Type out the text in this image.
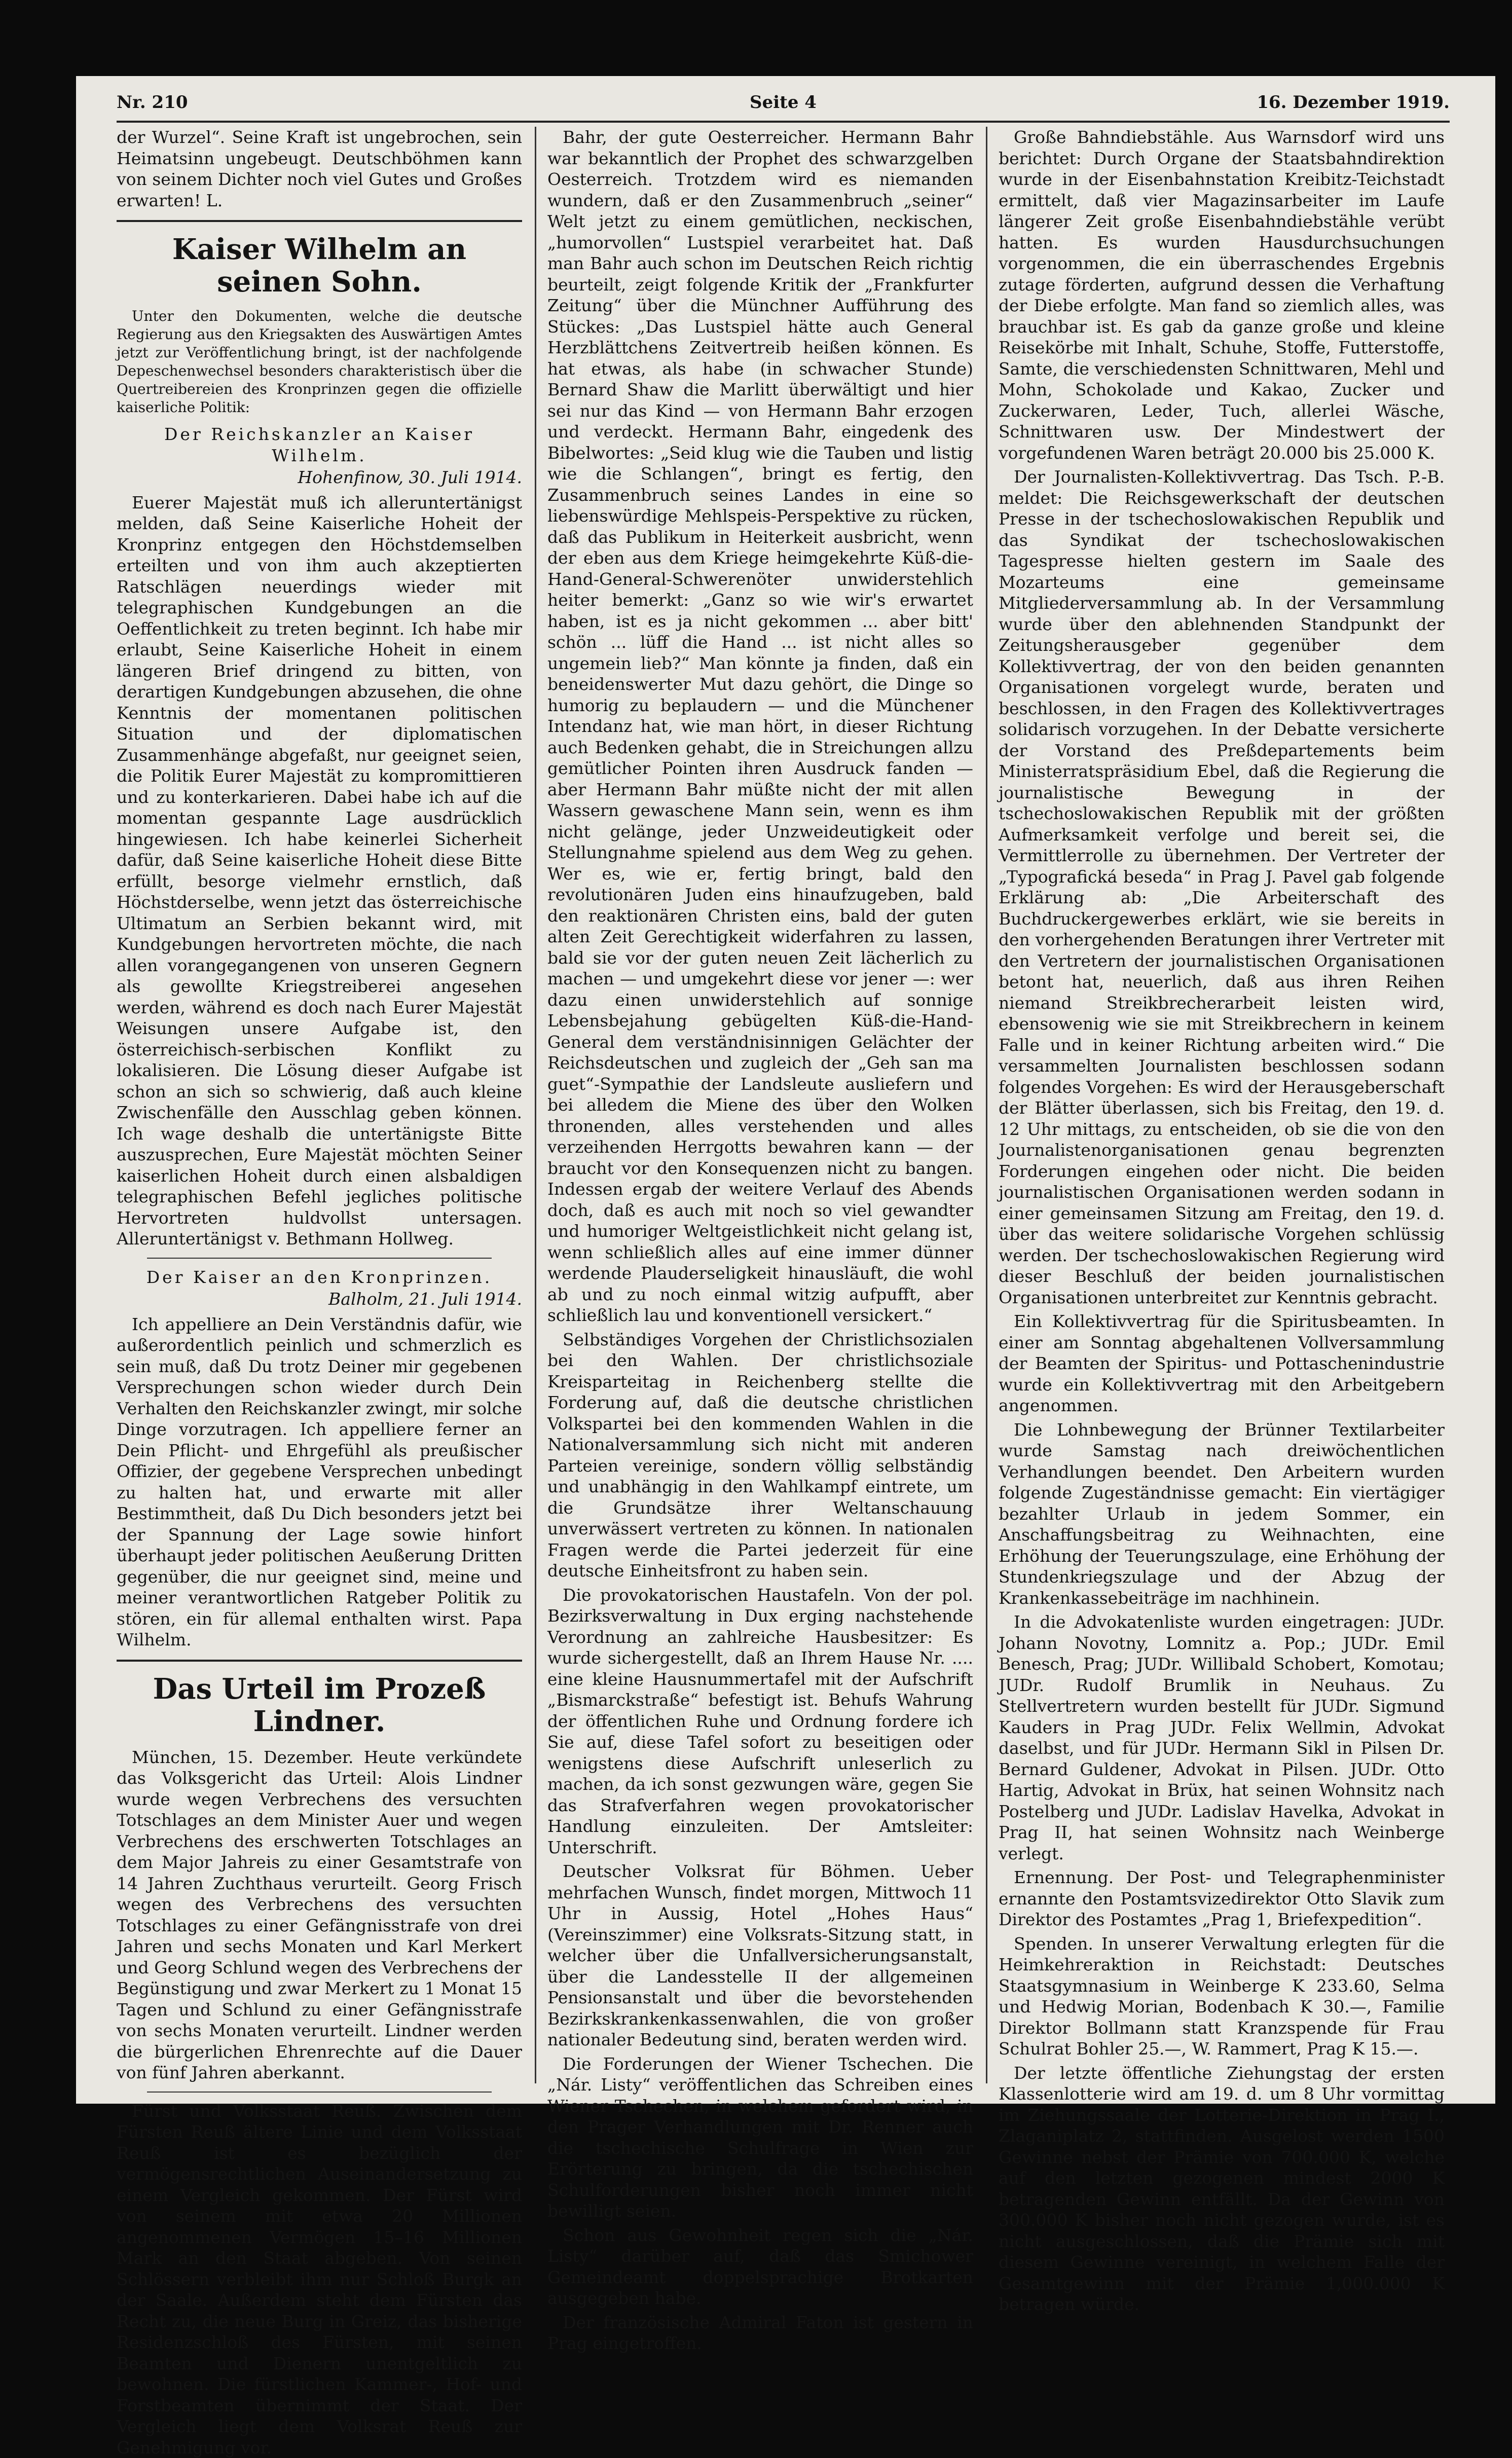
Nr. 210	Seite 4	16. Dezember 1919.

der Wurzel“. Seine Kraft ist ungebrochen, sein Heimatsinn ungebeugt. Deutschböhmen kann von seinem Dichter noch viel Gutes und Großes erwarten! L.

Kaiser Wilhelm an seinen Sohn.

Unter den Dokumenten, welche die deutsche Regierung aus den Kriegsakten des Auswärtigen Amtes jetzt zur Veröffentlichung bringt, ist der nachfolgende Depeschenwechsel besonders charakteristisch über die Quertreibereien des Kronprinzen gegen die offizielle kaiserliche Politik:

Der Reichskanzler an Kaiser Wilhelm.

Hohenfinow, 30. Juli 1914.

Euerer Majestät muß ich alleruntertänigst melden, daß Seine Kaiserliche Hoheit der Kronprinz entgegen den Höchstdemselben erteilten und von ihm auch akzeptierten Ratschlägen neuerdings wieder mit telegraphischen Kundgebungen an die Oeffentlichkeit zu treten beginnt. Ich habe mir erlaubt, Seine Kaiserliche Hoheit in einem längeren Brief dringend zu bitten, von derartigen Kundgebungen abzusehen, die ohne Kenntnis der momentanen politischen Situation und der diplomatischen Zusammenhänge abgefaßt, nur geeignet seien, die Politik Eurer Majestät zu kompromittieren und zu konterkarieren. Dabei habe ich auf die momentan gespannte Lage ausdrücklich hingewiesen. Ich habe keinerlei Sicherheit dafür, daß Seine kaiserliche Hoheit diese Bitte erfüllt, besorge vielmehr ernstlich, daß Höchstderselbe, wenn jetzt das österreichische Ultimatum an Serbien bekannt wird, mit Kundgebungen hervortreten möchte, die nach allen vorangegangenen von unseren Gegnern als gewollte Kriegstreiberei angesehen werden, während es doch nach Eurer Majestät Weisungen unsere Aufgabe ist, den österreichisch-serbischen Konflikt zu lokalisieren. Die Lösung dieser Aufgabe ist schon an sich so schwierig, daß auch kleine Zwischenfälle den Ausschlag geben können. Ich wage deshalb die untertänigste Bitte auszusprechen, Eure Majestät möchten Seiner kaiserlichen Hoheit durch einen alsbaldigen telegraphischen Befehl jegliches politische Hervortreten huldvollst untersagen. Alleruntertänigst v. Bethmann Hollweg.

Der Kaiser an den Kronprinzen.

Balholm, 21. Juli 1914.

Ich appelliere an Dein Verständnis dafür, wie außerordentlich peinlich und schmerzlich es sein muß, daß Du trotz Deiner mir gegebenen Versprechungen schon wieder durch Dein Verhalten den Reichskanzler zwingt, mir solche Dinge vorzutragen. Ich appelliere ferner an Dein Pflicht- und Ehrgefühl als preußischer Offizier, der gegebene Versprechen unbedingt zu halten hat, und erwarte mit aller Bestimmtheit, daß Du Dich besonders jetzt bei der Spannung der Lage sowie hinfort überhaupt jeder politischen Aeußerung Dritten gegenüber, die nur geeignet sind, meine und meiner verantwortlichen Ratgeber Politik zu stören, ein für allemal enthalten wirst. Papa Wilhelm.

Das Urteil im Prozeß Lindner.

München, 15. Dezember. Heute verkündete das Volksgericht das Urteil: Alois Lindner wurde wegen Verbrechens des versuchten Totschlages an dem Minister Auer und wegen Verbrechens des erschwerten Totschlages an dem Major Jahreis zu einer Gesamtstrafe von 14 Jahren Zuchthaus verurteilt. Georg Frisch wegen des Verbrechens des versuchten Totschlages zu einer Gefängnisstrafe von drei Jahren und sechs Monaten und Karl Merkert und Georg Schlund wegen des Verbrechens der Begünstigung und zwar Merkert zu 1 Monat 15 Tagen und Schlund zu einer Gefängnisstrafe von sechs Monaten verurteilt. Lindner werden die bürgerlichen Ehrenrechte auf die Dauer von fünf Jahren aberkannt.

Fürst und Volksstaat Reuß. Zwischen dem Fürsten Reuß ältere Linie und dem Volksstaat Reuß ist es bezüglich der vermögensrechtlichen Auseinandersetzung zu einem Vergleich gekommen. Der Fürst wird von seinem mit etwa 20 Millionen angenommenen Vermögen 15–16 Millionen Mark an den Staat abgeben. Von seinen Schlössern verbleibt ihm nur Schloß Burgk an der Saale. Außerdem steht dem Fürsten das Recht zu, die neue Burg in Greiz, das bisherige Residenzschloß des Fürsten, mit seinen Beamten und Dienern unentgeltlich zu bewohnen. Die fürstlichen Kammer-, Hof- und Forstbeamten übernimmt der Staat. Der Vergleich liegt dem Volksrat Reuß zur Genehmigung vor.

Bahr, der gute Oesterreicher. Hermann Bahr war bekanntlich der Prophet des schwarzgelben Oesterreich. Trotzdem wird es niemanden wundern, daß er den Zusammenbruch „seiner“ Welt jetzt zu einem gemütlichen, neckischen, „humorvollen“ Lustspiel verarbeitet hat. Daß man Bahr auch schon im Deutschen Reich richtig beurteilt, zeigt folgende Kritik der „Frankfurter Zeitung“ über die Münchner Aufführung des Stückes: „Das Lustspiel hätte auch General Herzblättchens Zeitvertreib heißen können. Es hat etwas, als habe (in schwacher Stunde) Bernard Shaw die Marlitt überwältigt und hier sei nur das Kind — von Hermann Bahr erzogen und verdeckt. Hermann Bahr, eingedenk des Bibelwortes: „Seid klug wie die Tauben und listig wie die Schlangen“, bringt es fertig, den Zusammenbruch seines Landes in eine so liebenswürdige Mehlspeis-Perspektive zu rücken, daß das Publikum in Heiterkeit ausbricht, wenn der eben aus dem Kriege heimgekehrte Küß-die-Hand-General-Schwerenöter unwiderstehlich heiter bemerkt: „Ganz so wie wir's erwartet haben, ist es ja nicht gekommen ... aber bitt' schön ... lüff die Hand ... ist nicht alles so ungemein lieb?“ Man könnte ja finden, daß ein beneidenswerter Mut dazu gehört, die Dinge so humorig zu beplaudern — und die Münchener Intendanz hat, wie man hört, in dieser Richtung auch Bedenken gehabt, die in Streichungen allzu gemütlicher Pointen ihren Ausdruck fanden — aber Hermann Bahr müßte nicht der mit allen Wassern gewaschene Mann sein, wenn es ihm nicht gelänge, jeder Unzweideutigkeit oder Stellungnahme spielend aus dem Weg zu gehen. Wer es, wie er, fertig bringt, bald den revolutionären Juden eins hinaufzugeben, bald den reaktionären Christen eins, bald der guten alten Zeit Gerechtigkeit widerfahren zu lassen, bald sie vor der guten neuen Zeit lächerlich zu machen — und umgekehrt diese vor jener —: wer dazu einen unwiderstehlich auf sonnige Lebensbejahung gebügelten Küß-die-Hand-General dem verständnisinnigen Gelächter der Reichsdeutschen und zugleich der „Geh san ma guet“-Sympathie der Landsleute ausliefern und bei alledem die Miene des über den Wolken thronenden, alles verstehenden und alles verzeihenden Herrgotts bewahren kann — der braucht vor den Konsequenzen nicht zu bangen. Indessen ergab der weitere Verlauf des Abends doch, daß es auch mit noch so viel gewandter und humoriger Weltgeistlichkeit nicht gelang ist, wenn schließlich alles auf eine immer dünner werdende Plauderseligkeit hinausläuft, die wohl ab und zu noch einmal witzig aufpufft, aber schließlich lau und konventionell versickert.“

Selbständiges Vorgehen der Christlichsozialen bei den Wahlen. Der christlichsoziale Kreisparteitag in Reichenberg stellte die Forderung auf, daß die deutsche christlichen Volkspartei bei den kommenden Wahlen in die Nationalversammlung sich nicht mit anderen Parteien vereinige, sondern völlig selbständig und unabhängig in den Wahlkampf eintrete, um die Grundsätze ihrer Weltanschauung unverwässert vertreten zu können. In nationalen Fragen werde die Partei jederzeit für eine deutsche Einheitsfront zu haben sein.

Die provokatorischen Haustafeln. Von der pol. Bezirksverwaltung in Dux erging nachstehende Verordnung an zahlreiche Hausbesitzer: Es wurde sichergestellt, daß an Ihrem Hause Nr. .... eine kleine Hausnummertafel mit der Aufschrift „Bismarckstraße“ befestigt ist. Behufs Wahrung der öffentlichen Ruhe und Ordnung fordere ich Sie auf, diese Tafel sofort zu beseitigen oder wenigstens diese Aufschrift unleserlich zu machen, da ich sonst gezwungen wäre, gegen Sie das Strafverfahren wegen provokatorischer Handlung einzuleiten. Der Amtsleiter: Unterschrift.

Deutscher Volksrat für Böhmen. Ueber mehrfachen Wunsch, findet morgen, Mittwoch 11 Uhr in Aussig, Hotel „Hohes Haus“ (Vereinszimmer) eine Volksrats-Sitzung statt, in welcher über die Unfallversicherungsanstalt, über die Landesstelle II der allgemeinen Pensionsanstalt und über die bevorstehenden Bezirkskrankenkassenwahlen, die von großer nationaler Bedeutung sind, beraten werden wird.

Die Forderungen der Wiener Tschechen. Die „Nár. Listy“ veröffentlichen das Schreiben eines Wiener Tschechen, in welchem gefordert wird, in den Prager Verhandlungen mit Dr. Renner auch die tschechische Schulfrage in Wien zur Erörterung zu bringen, da die tschechischen Schulforderungen bisher noch immer nicht bewilligt seien.

Schon aus Gewohnheit regen sich die „Nár. Listy“ darüber auf, daß das Smichower Gemeindeamt doppelsprachige Brotkarten ausgegeben habe.

Der französische Admiral Faton ist gestern in Prag eingetroffen.

Große Bahndiebstähle. Aus Warnsdorf wird uns berichtet: Durch Organe der Staatsbahndirektion wurde in der Eisenbahnstation Kreibitz-Teichstadt ermittelt, daß vier Magazinsarbeiter im Laufe längerer Zeit große Eisenbahndiebstähle verübt hatten. Es wurden Hausdurchsuchungen vorgenommen, die ein überraschendes Ergebnis zutage förderten, aufgrund dessen die Verhaftung der Diebe erfolgte. Man fand so ziemlich alles, was brauchbar ist. Es gab da ganze große und kleine Reisekörbe mit Inhalt, Schuhe, Stoffe, Futterstoffe, Samte, die verschiedensten Schnittwaren, Mehl und Mohn, Schokolade und Kakao, Zucker und Zuckerwaren, Leder, Tuch, allerlei Wäsche, Schnittwaren usw. Der Mindestwert der vorgefundenen Waren beträgt 20.000 bis 25.000 K.

Der Journalisten-Kollektivvertrag. Das Tsch. P.-B. meldet: Die Reichsgewerkschaft der deutschen Presse in der tschechoslowakischen Republik und das Syndikat der tschechoslowakischen Tagespresse hielten gestern im Saale des Mozarteums eine gemeinsame Mitgliederversammlung ab. In der Versammlung wurde über den ablehnenden Standpunkt der Zeitungsherausgeber gegenüber dem Kollektivvertrag, der von den beiden genannten Organisationen vorgelegt wurde, beraten und beschlossen, in den Fragen des Kollektivvertrages solidarisch vorzugehen. In der Debatte versicherte der Vorstand des Preßdepartements beim Ministerratspräsidium Ebel, daß die Regierung die journalistische Bewegung in der tschechoslowakischen Republik mit der größten Aufmerksamkeit verfolge und bereit sei, die Vermittlerrolle zu übernehmen. Der Vertreter der „Typografická beseda“ in Prag J. Pavel gab folgende Erklärung ab: „Die Arbeiterschaft des Buchdruckergewerbes erklärt, wie sie bereits in den vorhergehenden Beratungen ihrer Vertreter mit den Vertretern der journalistischen Organisationen betont hat, neuerlich, daß aus ihren Reihen niemand Streikbrecherarbeit leisten wird, ebensowenig wie sie mit Streikbrechern in keinem Falle und in keiner Richtung arbeiten wird.“ Die versammelten Journalisten beschlossen sodann folgendes Vorgehen: Es wird der Herausgeberschaft der Blätter überlassen, sich bis Freitag, den 19. d. 12 Uhr mittags, zu entscheiden, ob sie die von den Journalistenorganisationen genau begrenzten Forderungen eingehen oder nicht. Die beiden journalistischen Organisationen werden sodann in einer gemeinsamen Sitzung am Freitag, den 19. d. über das weitere solidarische Vorgehen schlüssig werden. Der tschechoslowakischen Regierung wird dieser Beschluß der beiden journalistischen Organisationen unterbreitet zur Kenntnis gebracht.

Ein Kollektivvertrag für die Spiritusbeamten. In einer am Sonntag abgehaltenen Vollversammlung der Beamten der Spiritus- und Pottaschenindustrie wurde ein Kollektivvertrag mit den Arbeitgebern angenommen.

Die Lohnbewegung der Brünner Textilarbeiter wurde Samstag nach dreiwöchentlichen Verhandlungen beendet. Den Arbeitern wurden folgende Zugeständnisse gemacht: Ein viertägiger bezahlter Urlaub in jedem Sommer, ein Anschaffungsbeitrag zu Weihnachten, eine Erhöhung der Teuerungszulage, eine Erhöhung der Stundenkriegszulage und der Abzug der Krankenkassebeiträge im nachhinein.

In die Advokatenliste wurden eingetragen: JUDr. Johann Novotny, Lomnitz a. Pop.; JUDr. Emil Benesch, Prag; JUDr. Willibald Schobert, Komotau; JUDr. Rudolf Brumlik in Neuhaus. Zu Stellvertretern wurden bestellt für JUDr. Sigmund Kauders in Prag JUDr. Felix Wellmin, Advokat daselbst, und für JUDr. Hermann Sikl in Pilsen Dr. Bernard Guldener, Advokat in Pilsen. JUDr. Otto Hartig, Advokat in Brüx, hat seinen Wohnsitz nach Postelberg und JUDr. Ladislav Havelka, Advokat in Prag II, hat seinen Wohnsitz nach Weinberge verlegt.

Ernennung. Der Post- und Telegraphenminister ernannte den Postamtsvizedirektor Otto Slavik zum Direktor des Postamtes „Prag 1, Briefexpedition“.

Spenden. In unserer Verwaltung erlegten für die Heimkehreraktion in Reichstadt: Deutsches Staatsgymnasium in Weinberge K 233.60, Selma und Hedwig Morian, Bodenbach K 30.—, Familie Direktor Bollmann statt Kranzspende für Frau Schulrat Bohler 25.—, W. Rammert, Prag K 15.—.

Der letzte öffentliche Ziehungstag der ersten Klassenlotterie wird am 19. d. um 8 Uhr vormittag im Ziehungssaale der Lotterie-Direktion in Prag I., Zlaganiplatz 2, stattfinden. Ausgelost werden 1500 Gewinne nebst der Prämie von 700.000 K, welche auf den letzten gezogenen mindest 2000 K betragenden Gewinn entfällt. Da der Gewinn von 300.000 K bisher noch nicht gezogen wurde, ist es nicht ausgeschlossen, daß die Prämie sich mit diesem Gewinne vereinigt, in welchem Falle der Gesamtgewinn mit der Prämie 1,000.000 K betragen würde.
